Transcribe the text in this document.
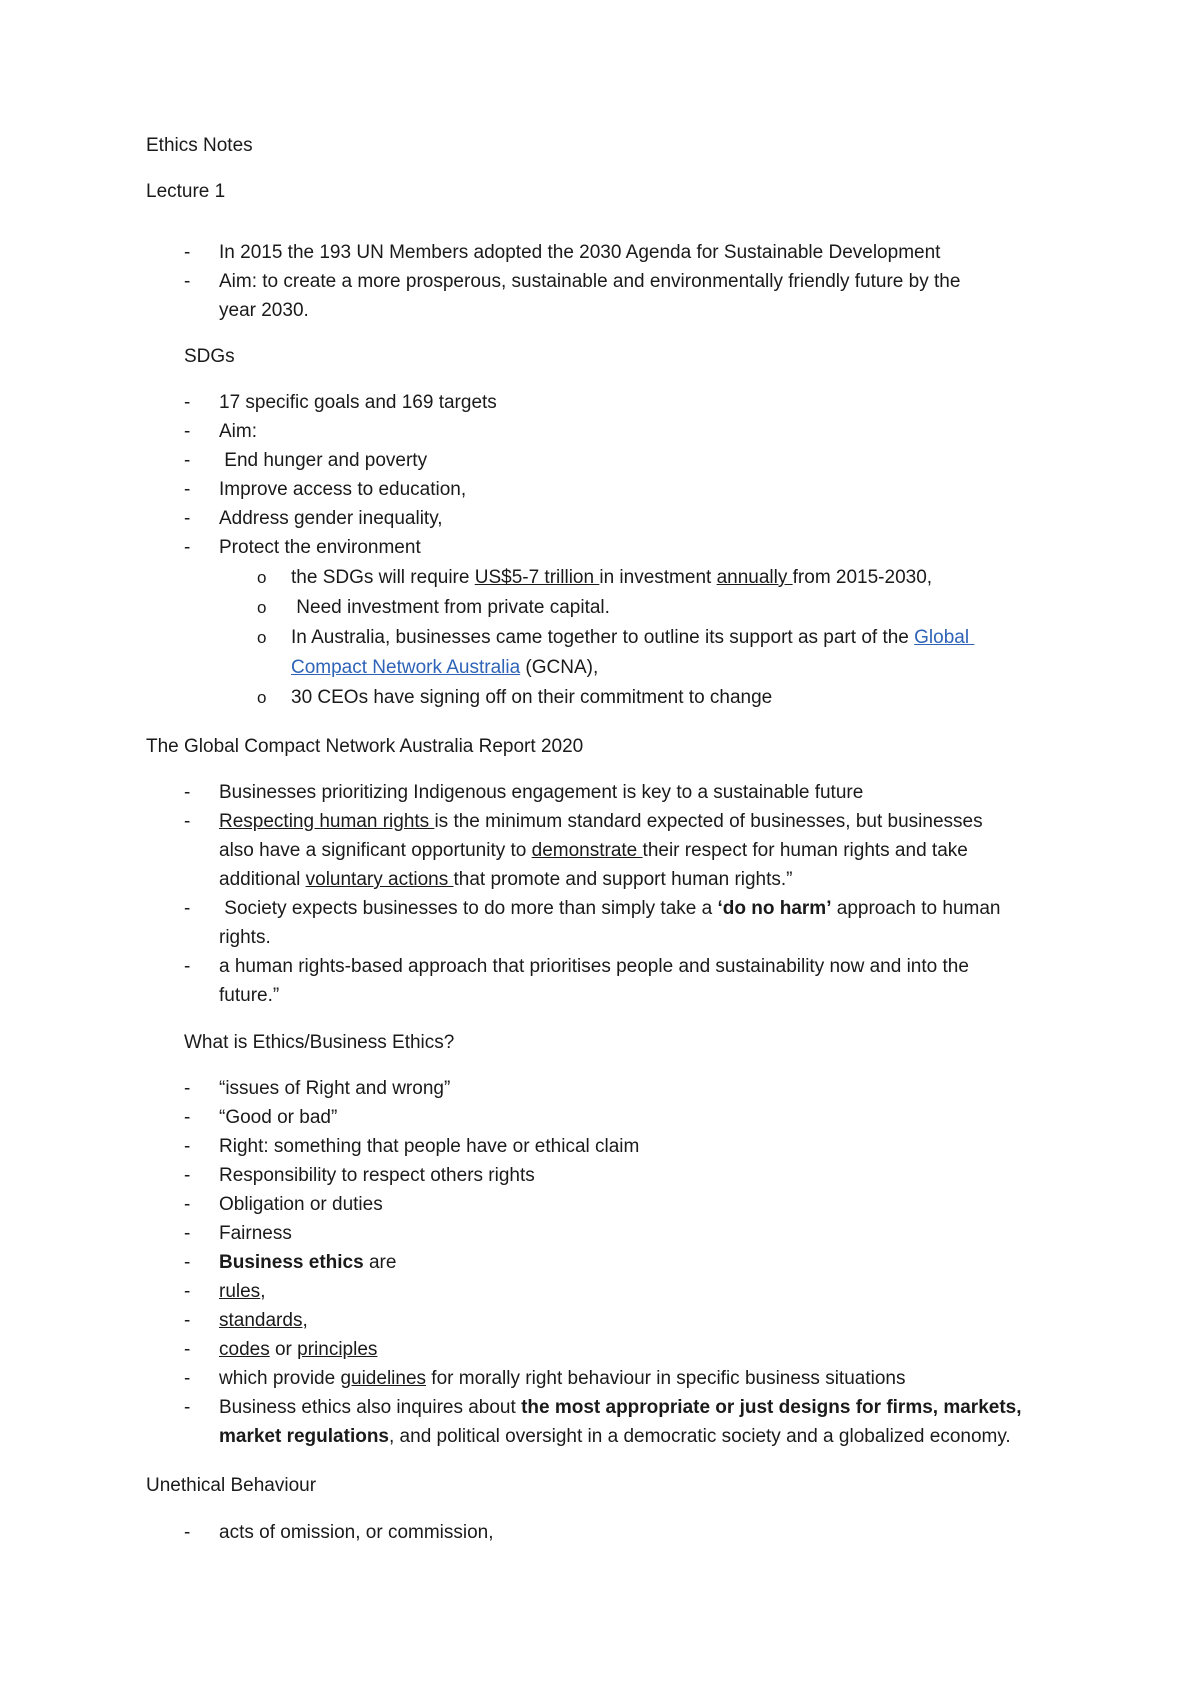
Ethics Notes
Lecture 1
- In 2015 the 193 UN Members adopted the 2030 Agenda for Sustainable Development
- Aim: to create a more prosperous, sustainable and environmentally friendly future by the
year 2030.
SDGs
- 17 specific goals and 169 targets
- Aim:
- End hunger and poverty
- Improve access to education,
- Address gender inequality,
- Protect the environment
o the SDGs will require US$5-7 trillion in investment annually from 2015-2030,
o Need investment from private capital.
o In Australia, businesses came together to outline its support as part of the Global
Compact Network Australia (GCNA),
o 30 CEOs have signing off on their commitment to change
The Global Compact Network Australia Report 2020
- Businesses prioritizing Indigenous engagement is key to a sustainable future
- Respecting human rights is the minimum standard expected of businesses, but businesses
also have a significant opportunity to demonstrate their respect for human rights and take
additional voluntary actions that promote and support human rights.”
- Society expects businesses to do more than simply take a ‘do no harm’ approach to human
rights.
- a human rights-based approach that prioritises people and sustainability now and into the
future.”
What is Ethics/Business Ethics?
- “issues of Right and wrong”
- “Good or bad”
- Right: something that people have or ethical claim
- Responsibility to respect others rights
- Obligation or duties
- Fairness
- Business ethics are
- rules,
- standards,
- codes or principles
- which provide guidelines for morally right behaviour in specific business situations
- Business ethics also inquires about the most appropriate or just designs for firms, markets,
market regulations, and political oversight in a democratic society and a globalized economy.
Unethical Behaviour
- acts of omission, or commission,
